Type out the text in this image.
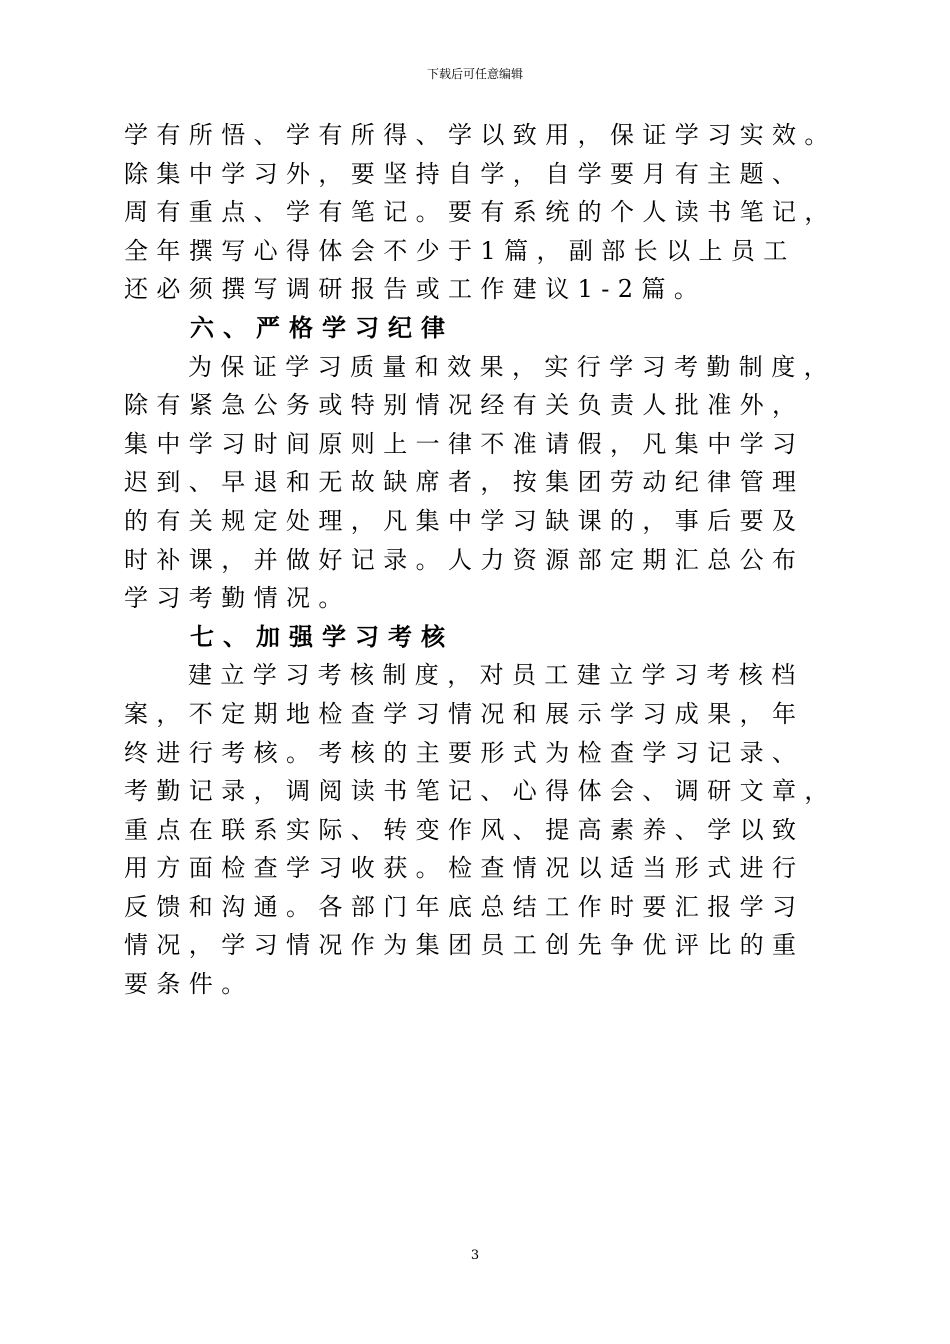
下载后可任意编辑
学有所悟、学有所得、学以致用，保证学习实效。
除集中学习外，要坚持自学，自学要月有主题、
周有重点、学有笔记。要有系统的个人读书笔记，
全年撰写心得体会不少于1篇，副部长以上员工
还必须撰写调研报告或工作建议1-2篇。
六、严格学习纪律
为保证学习质量和效果，实行学习考勤制度，
除有紧急公务或特别情况经有关负责人批准外，
集中学习时间原则上一律不准请假，凡集中学习
迟到、早退和无故缺席者，按集团劳动纪律管理
的有关规定处理，凡集中学习缺课的，事后要及
时补课，并做好记录。人力资源部定期汇总公布
学习考勤情况。
七、加强学习考核
建立学习考核制度，对员工建立学习考核档
案，不定期地检查学习情况和展示学习成果，年
终进行考核。考核的主要形式为检查学习记录、
考勤记录，调阅读书笔记、心得体会、调研文章，
重点在联系实际、转变作风、提高素养、学以致
用方面检查学习收获。检查情况以适当形式进行
反馈和沟通。各部门年底总结工作时要汇报学习
情况，学习情况作为集团员工创先争优评比的重
要条件。
3
